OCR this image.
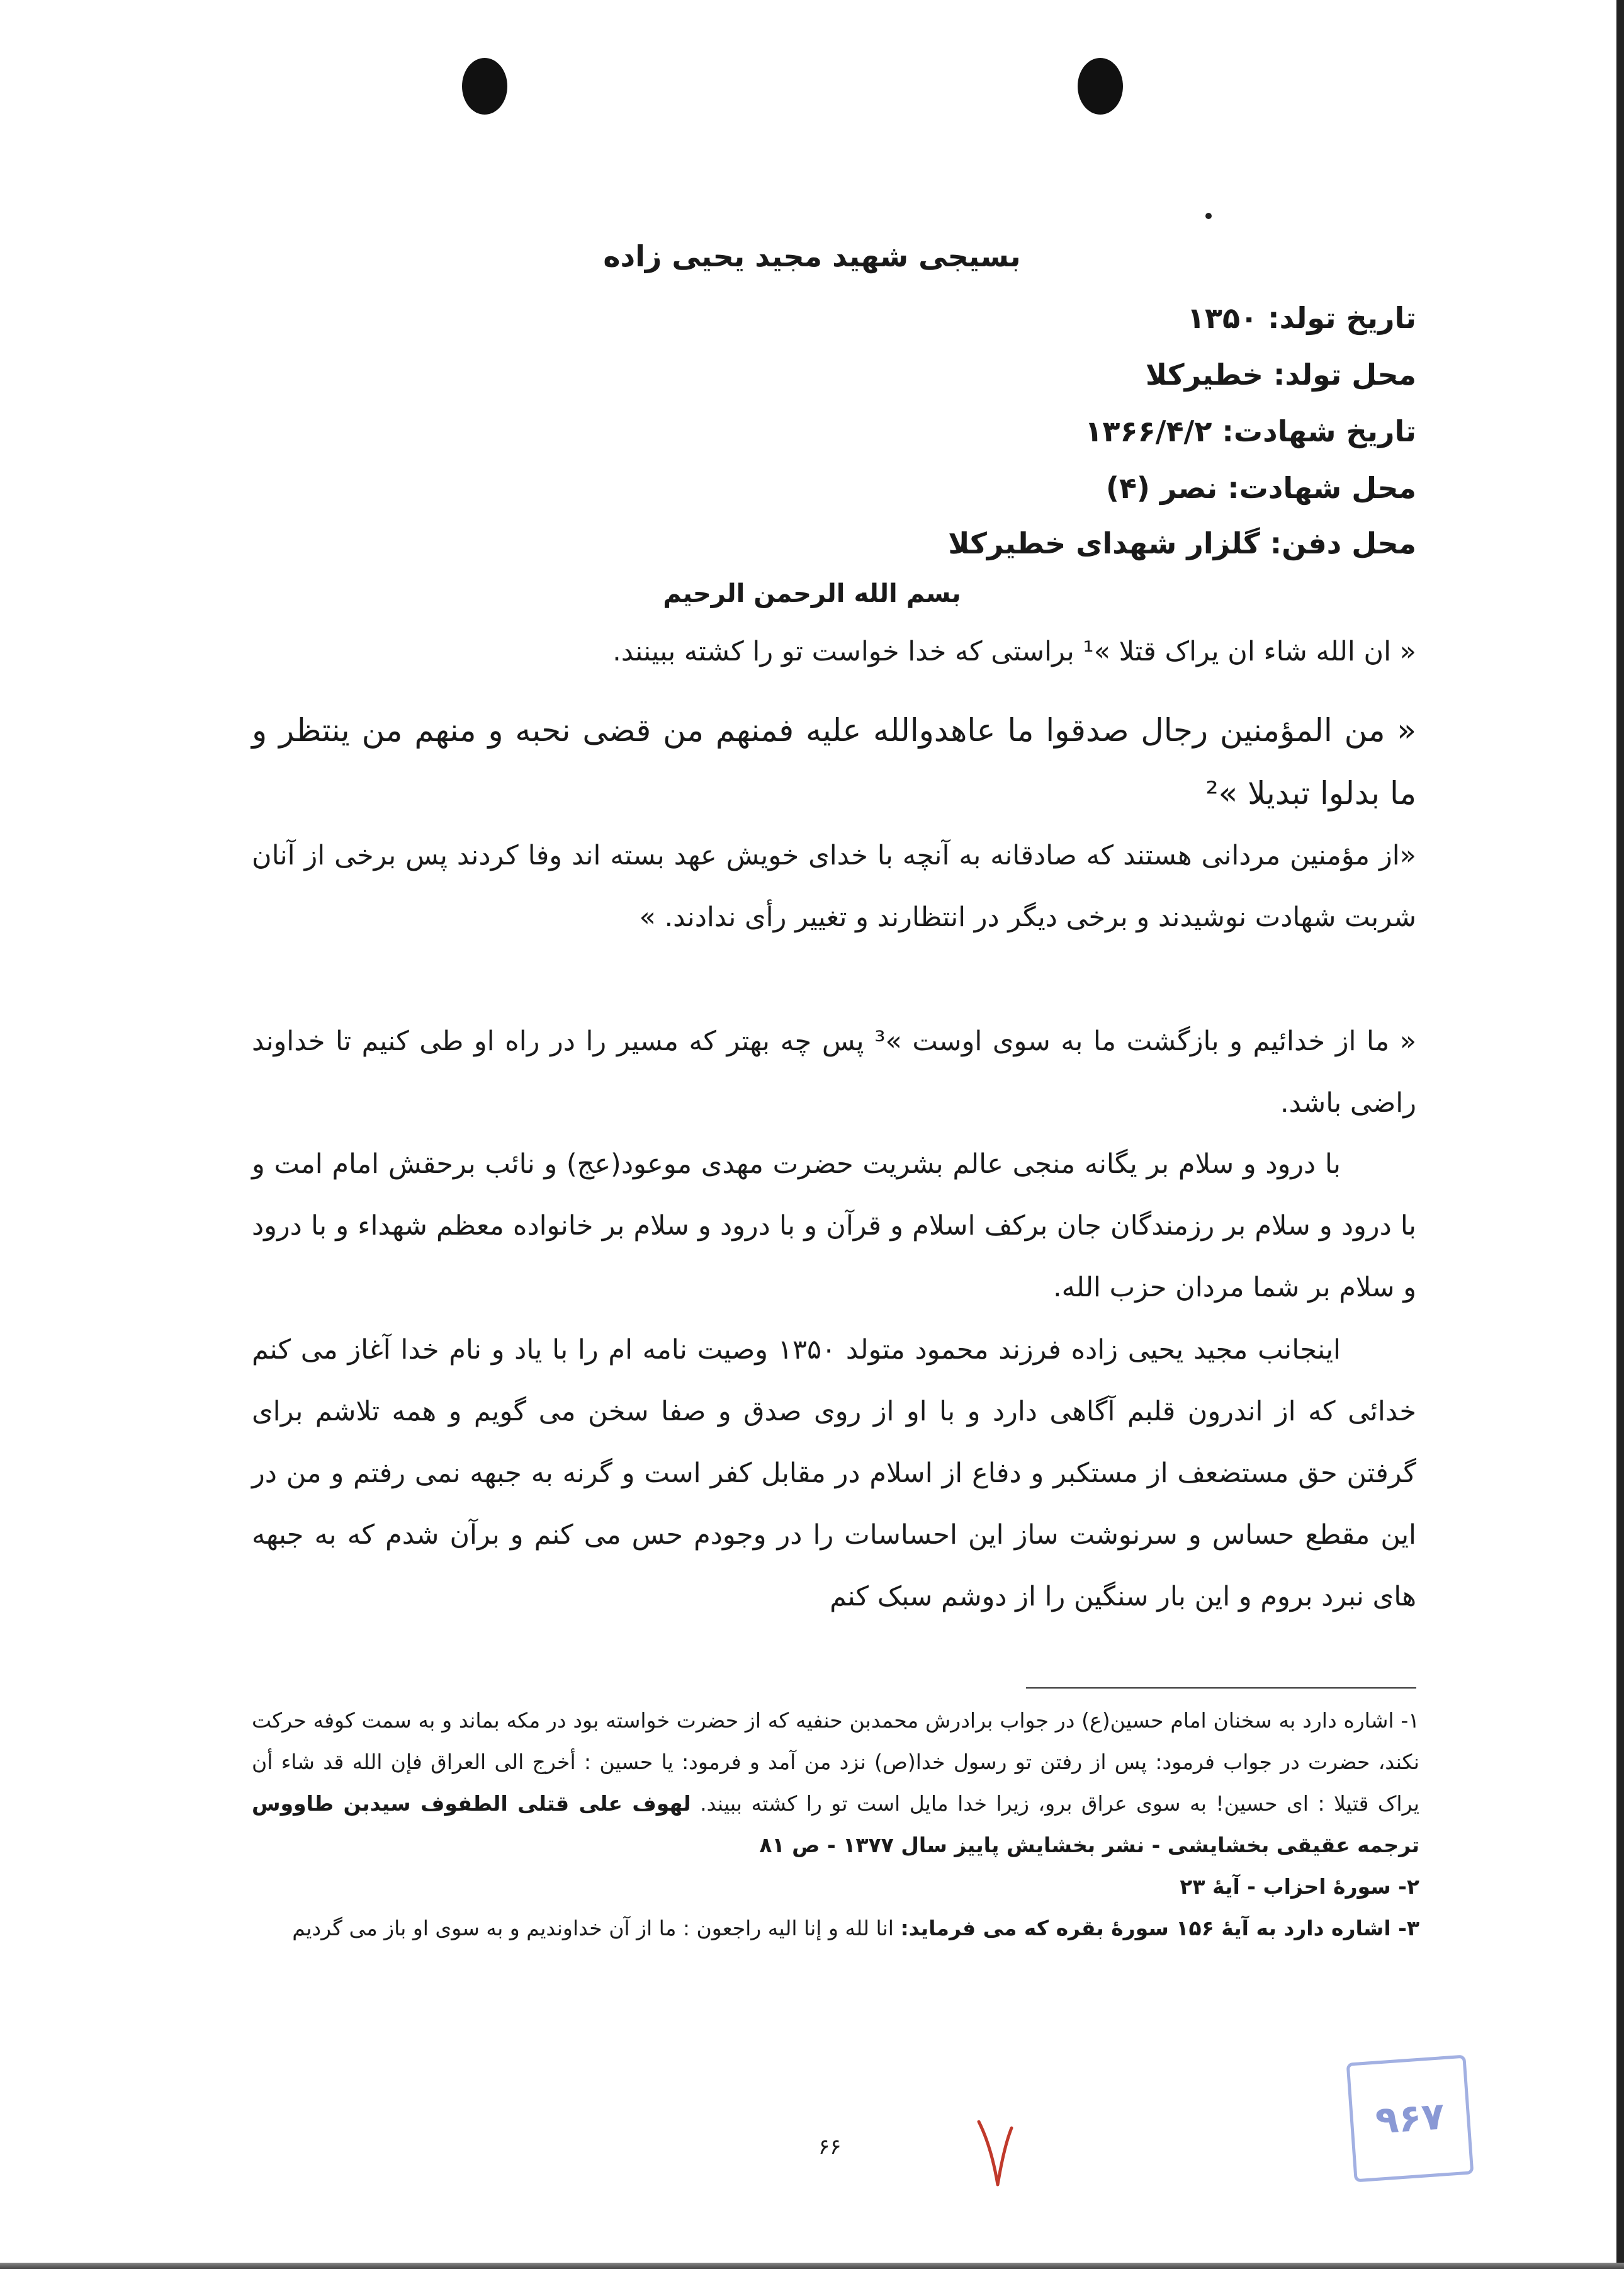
بسیجی شهید مجید یحیی زاده
تاریخ تولد: ۱۳۵۰
محل تولد: خطیرکلا
تاریخ شهادت: ۱۳۶۶/۴/۲
محل شهادت: نصر (۴)
محل دفن: گلزار شهدای خطیرکلا
بسم الله الرحمن الرحیم
« ان الله شاء ان یراک قتلا »¹ براستی که خدا خواست تو را کشته ببینند.
« من المؤمنین رجال صدقوا ما عاهدوالله علیه فمنهم من قضی نحبه و منهم من ینتظر و ما بدلوا تبدیلا »²
«از مؤمنین مردانی هستند که صادقانه به آنچه با خدای خویش عهد بسته اند وفا کردند پس برخی از آنان شربت شهادت نوشیدند و برخی دیگر در انتظارند و تغییر رأی ندادند. »
« ما از خدائیم و بازگشت ما به سوی اوست »³ پس چه بهتر که مسیر را در راه او طی کنیم تا خداوند راضی باشد.
با درود و سلام بر یگانه منجی عالم بشریت حضرت مهدی موعود(عج) و نائب برحقش امام امت و با درود و سلام بر رزمندگان جان برکف اسلام و قرآن و با درود و سلام بر خانواده معظم شهداء و با درود و سلام بر شما مردان حزب الله.
اینجانب مجید یحیی زاده فرزند محمود متولد ۱۳۵۰ وصیت نامه ام را با یاد و نام خدا آغاز می کنم خدائی که از اندرون قلبم آگاهی دارد و با او از روی صدق و صفا سخن می گویم و همه تلاشم برای گرفتن حق مستضعف از مستکبر و دفاع از اسلام در مقابل کفر است و گرنه به جبهه نمی رفتم و من در این مقطع حساس و سرنوشت ساز این احساسات را در وجودم حس می کنم و برآن شدم که به جبهه های نبرد بروم و این بار سنگین را از دوشم سبک کنم

۱- اشاره دارد به سخنان امام حسین(ع) در جواب برادرش محمدبن حنفیه که از حضرت خواسته بود در مکه بماند و به سمت کوفه حرکت نکند، حضرت در جواب فرمود: پس از رفتن تو رسول خدا(ص) نزد من آمد و فرمود: یا حسین : أخرج الی العراق فإن الله قد شاء أن یراک قتیلا : ای حسین! به سوی عراق برو، زیرا خدا مایل است تو را کشته ببیند. لهوف علی قتلی الطفوف سیدبن طاووس ترجمه عقیقی بخشایشی - نشر بخشایش پاییز سال ۱۳۷۷ - ص ۸۱

۲- سورهٔ احزاب - آیهٔ ۲۳

۳- اشاره دارد به آیهٔ ۱۵۶ سورهٔ بقره که می فرماید: انا لله و إنا الیه راجعون : ما از آن خداوندیم و به سوی او باز می گردیم

۶۶
۹۶۷
